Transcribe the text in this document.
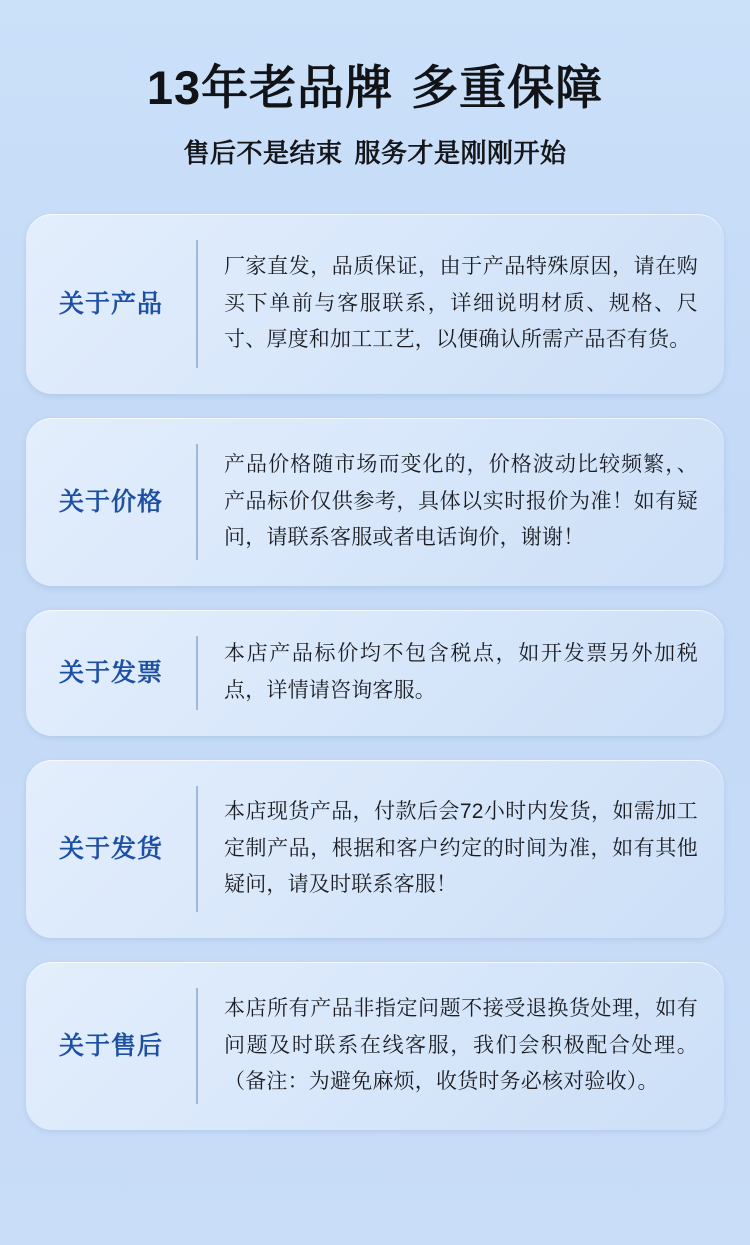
13年老品牌 多重保障
售后不是结束 服务才是刚刚开始
关于产品
厂家直发，品质保证，由于产品特殊原因，请在购买下单前与客服联系，详细说明材质、规格、尺寸、厚度和加工工艺，以便确认所需产品否有货。
关于价格
产品价格随市场而变化的，价格波动比较频繁，、产品标价仅供参考，具体以实时报价为准！如有疑问，请联系客服或者电话询价，谢谢！
关于发票
本店产品标价均不包含税点，如开发票另外加税点，详情请咨询客服。
关于发货
本店现货产品，付款后会72小时内发货，如需加工定制产品，根据和客户约定的时间为准，如有其他疑问，请及时联系客服！
关于售后
本店所有产品非指定问题不接受退换货处理，如有问题及时联系在线客服，我们会积极配合处理。（备注：为避免麻烦，收货时务必核对验收）。
